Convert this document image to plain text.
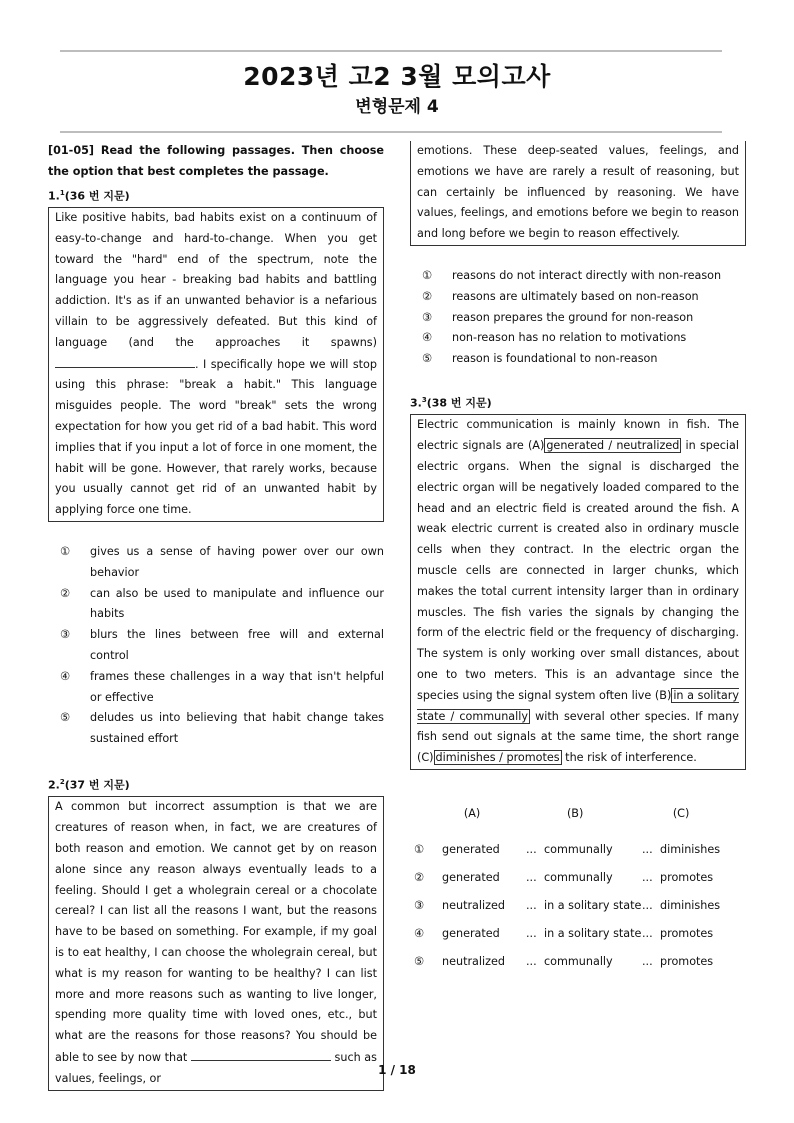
2023년 고2 3월 모의고사
변형문제 4
[01-05] Read the following passages. Then choose the option that best completes the passage.
1.$^1$(36 번 지문)

Like positive habits, bad habits exist on a continuum of easy-to-change and hard-to-change. When you get toward the "hard" end of the spectrum, note the language you hear - breaking bad habits and battling addiction. It's as if an unwanted behavior is a nefarious villain to be aggressively defeated. But this kind of language (and the approaches it spawns) . I specifically hope we will stop using this phrase: "break a habit." This language misguides people. The word "break" sets the wrong expectation for how you get rid of a bad habit. This word implies that if you input a lot of force in one moment, the habit will be gone. However, that rarely works, because you usually cannot get rid of an unwanted habit by applying force one time.

①	gives us a sense of having power over our own behavior
②	can also be used to manipulate and influence our habits
③	blurs the lines between free will and external control
④	frames these challenges in a way that isn't helpful or effective
⑤	deludes us into believing that habit change takes sustained effort
2.$^2$(37 번 지문)

A common but incorrect assumption is that we are creatures of reason when, in fact, we are creatures of both reason and emotion. We cannot get by on reason alone since any reason always eventually leads to a feeling. Should I get a wholegrain cereal or a chocolate cereal? I can list all the reasons I want, but the reasons have to be based on something. For example, if my goal is to eat healthy, I can choose the wholegrain cereal, but what is my reason for wanting to be healthy? I can list more and more reasons such as wanting to live longer, spending more quality time with loved ones, etc., but what are the reasons for those reasons? You should be able to see by now that	such as values, feelings, or

emotions. These deep-seated values, feelings, and emotions we have are rarely a result of reasoning, but can certainly be influenced by reasoning. We have values, feelings, and emotions before we begin to reason and long before we begin to reason effectively.

①	reasons do not interact directly with non-reason
②	reasons are ultimately based on non-reason
③	reason prepares the ground for non-reason
④	non-reason has no relation to motivations
⑤	reason is foundational to non-reason
3.$^3$(38 번 지문)

Electric communication is mainly known in fish. The electric signals are (A) generated / neutralized in special electric organs. When the signal is discharged the electric organ will be negatively loaded compared to the head and an electric field is created around the fish. A weak electric current is created also in ordinary muscle cells when they contract. In the electric organ the muscle cells are connected in larger chunks, which makes the total current intensity larger than in ordinary muscles. The fish varies the signals by changing the form of the electric field or the frequency of discharging. The system is only working over small distances, about one to two meters. This is an advantage since the species using the signal system often live (B) in a solitary state / communally with several other species. If many fish send out signals at the same time, the short range (C) diminishes / promotes the risk of interference.

(A)	(B)	(C)
①	generated	... communally	... diminishes
②	generated	... communally	... promotes
③	neutralized	... in a solitary state ... diminishes
④	generated	... in a solitary state ... promotes
⑤	neutralized	... communally	... promotes
1 / 18
